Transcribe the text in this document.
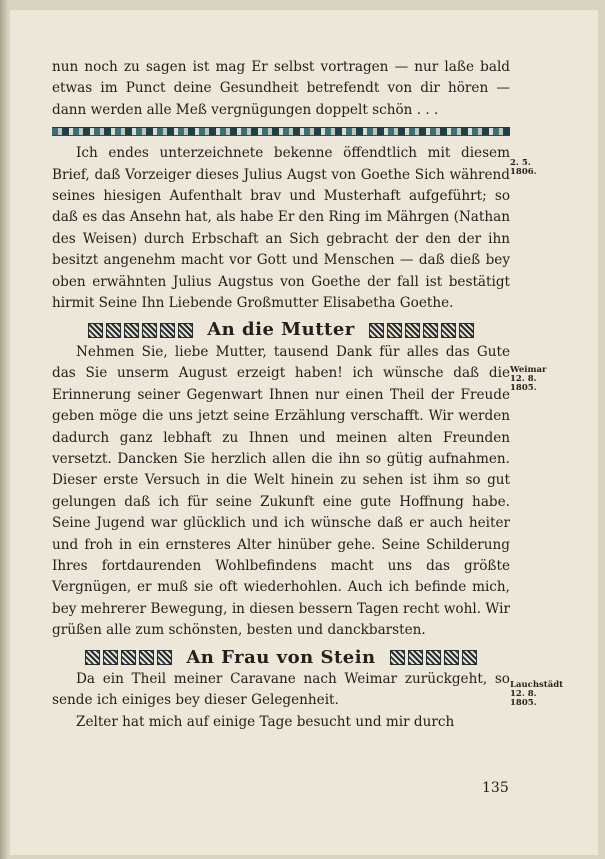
nun noch zu sagen ist mag Er selbst vortragen — nur laße bald etwas im Punct deine Gesundheit betrefendt von dir hören — dann werden alle Meß vergnügungen doppelt schön . . .

Ich endes unterzeichnete bekenne öffendtlich mit diesem Brief, daß Vorzeiger dieses Julius Augst von Goethe Sich während seines hiesigen Aufenthalt brav und Musterhaft aufgeführt; so daß es das Ansehn hat, als habe Er den Ring im Mährgen (Nathan des Weisen) durch Erbschaft an Sich gebracht der den der ihn besitzt angenehm macht vor Gott und Menschen — daß dieß bey oben erwähnten Julius Augstus von Goethe der fall ist bestätigt hirmit Seine Ihn Liebende Großmutter Elisabetha Goethe.

An die Mutter

Nehmen Sie, liebe Mutter, tausend Dank für alles das Gute das Sie unserm August erzeigt haben! ich wünsche daß die Erinnerung seiner Gegenwart Ihnen nur einen Theil der Freude geben möge die uns jetzt seine Erzählung verschafft. Wir werden dadurch ganz lebhaft zu Ihnen und meinen alten Freunden versetzt. Dancken Sie herzlich allen die ihn so gütig aufnahmen. Dieser erste Versuch in die Welt hinein zu sehen ist ihm so gut gelungen daß ich für seine Zukunft eine gute Hoffnung habe. Seine Jugend war glücklich und ich wünsche daß er auch heiter und froh in ein ernsteres Alter hinüber gehe. Seine Schilderung Ihres fortdaurenden Wohlbefindens macht uns das größte Vergnügen, er muß sie oft wiederhohlen. Auch ich befinde mich, bey mehrerer Bewegung, in diesen bessern Tagen recht wohl. Wir grüßen alle zum schönsten, besten und danckbarsten.

An Frau von Stein

Da ein Theil meiner Caravane nach Weimar zurückgeht, so sende ich einiges bey dieser Gelegenheit.

Zelter hat mich auf einige Tage besucht und mir durch

2. 5. 1806.
Weimar 12. 8. 1805.
Lauchstädt 12. 8. 1805.
135
